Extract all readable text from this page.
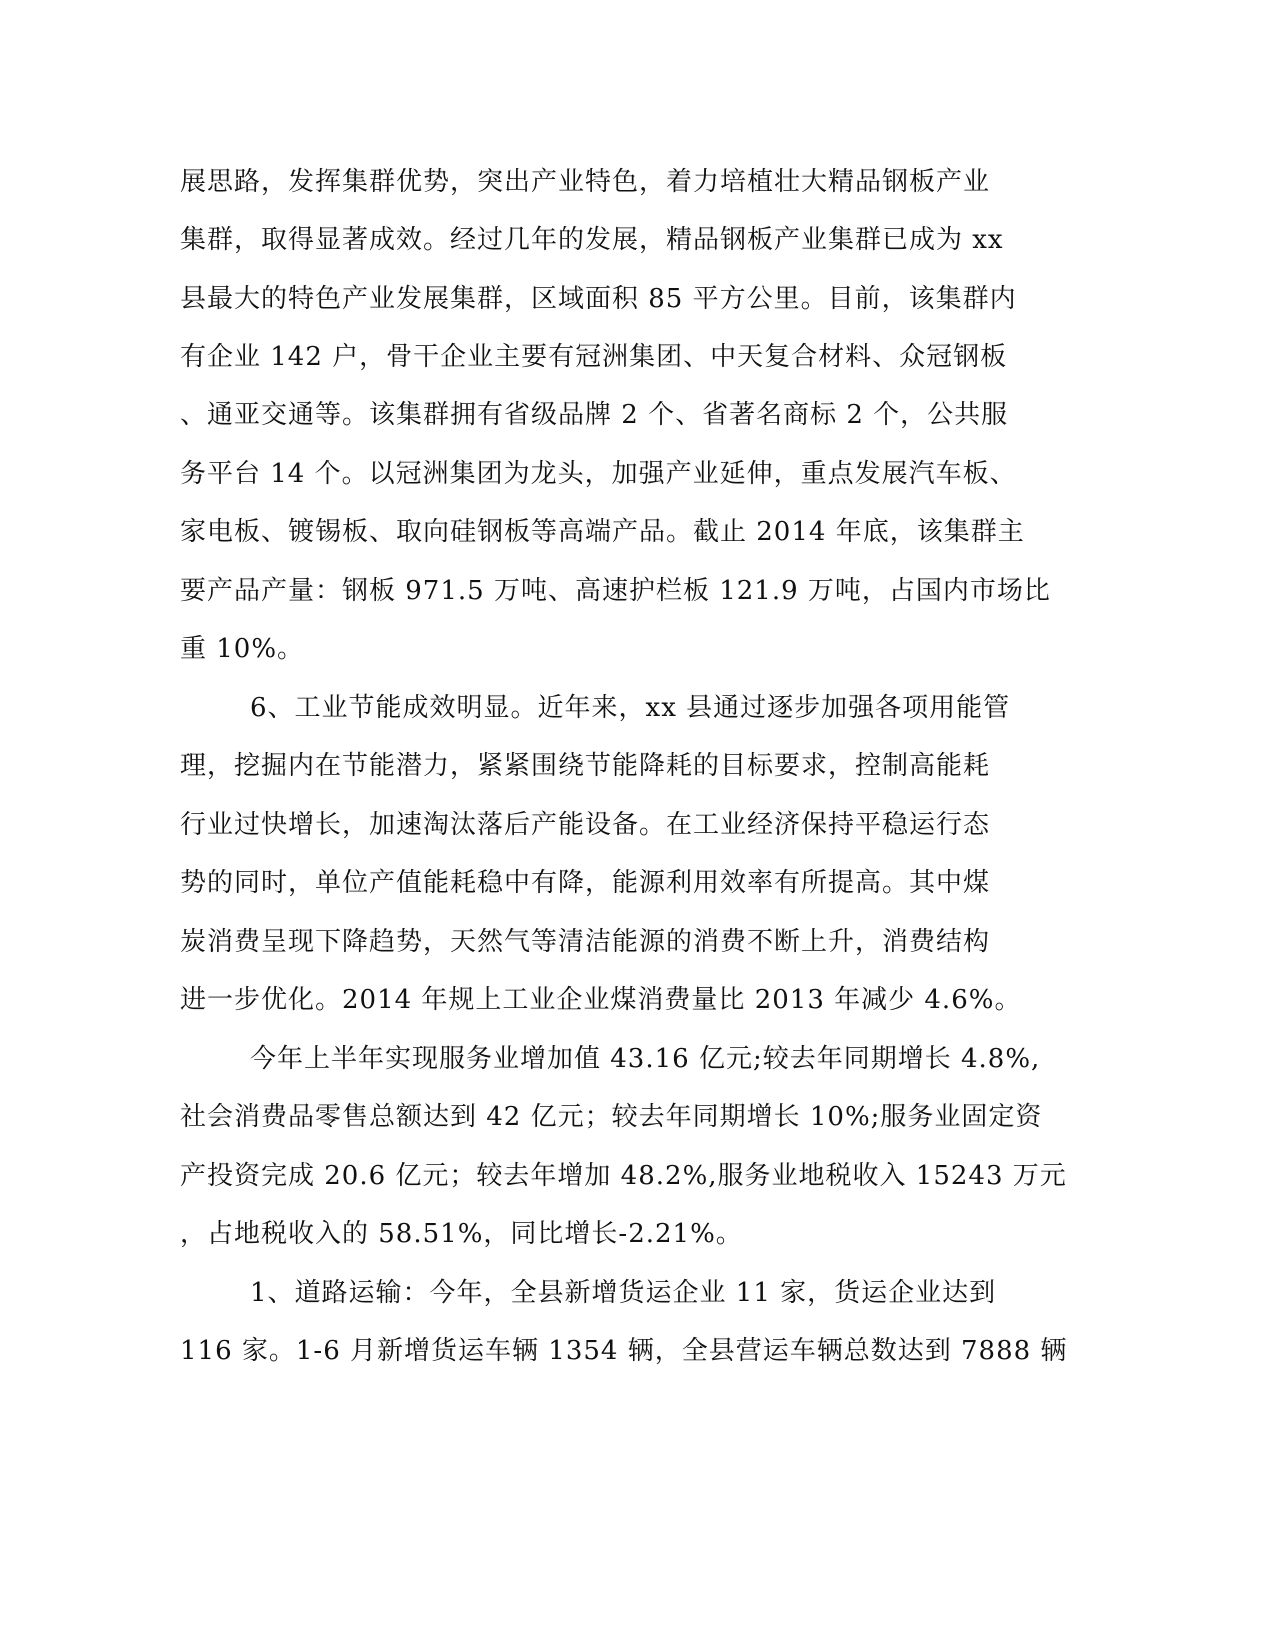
展思路，发挥集群优势，突出产业特色，着力培植壮大精品钢板产业
集群，取得显著成效。经过几年的发展，精品钢板产业集群已成为 xx
县最大的特色产业发展集群，区域面积 85 平方公里。目前，该集群内
有企业 142 户，骨干企业主要有冠洲集团、中天复合材料、众冠钢板
、通亚交通等。该集群拥有省级品牌 2 个、省著名商标 2 个，公共服
务平台 14 个。以冠洲集团为龙头，加强产业延伸，重点发展汽车板、
家电板、镀锡板、取向硅钢板等高端产品。截止 2014 年底，该集群主
要产品产量：钢板 971.5 万吨、高速护栏板 121.9 万吨，占国内市场比
重 10%。
6、工业节能成效明显。近年来，xx 县通过逐步加强各项用能管
理，挖掘内在节能潜力，紧紧围绕节能降耗的目标要求，控制高能耗
行业过快增长，加速淘汰落后产能设备。在工业经济保持平稳运行态
势的同时，单位产值能耗稳中有降，能源利用效率有所提高。其中煤
炭消费呈现下降趋势，天然气等清洁能源的消费不断上升，消费结构
进一步优化。2014 年规上工业企业煤消费量比 2013 年减少 4.6%。
今年上半年实现服务业增加值 43.16 亿元;较去年同期增长 4.8%,
社会消费品零售总额达到 42 亿元；较去年同期增长 10%;服务业固定资
产投资完成 20.6 亿元；较去年增加 48.2%,服务业地税收入 15243 万元
，占地税收入的 58.51%，同比增长-2.21%。
1、道路运输：今年，全县新增货运企业 11 家，货运企业达到
116 家。1-6 月新增货运车辆 1354 辆，全县营运车辆总数达到 7888 辆
